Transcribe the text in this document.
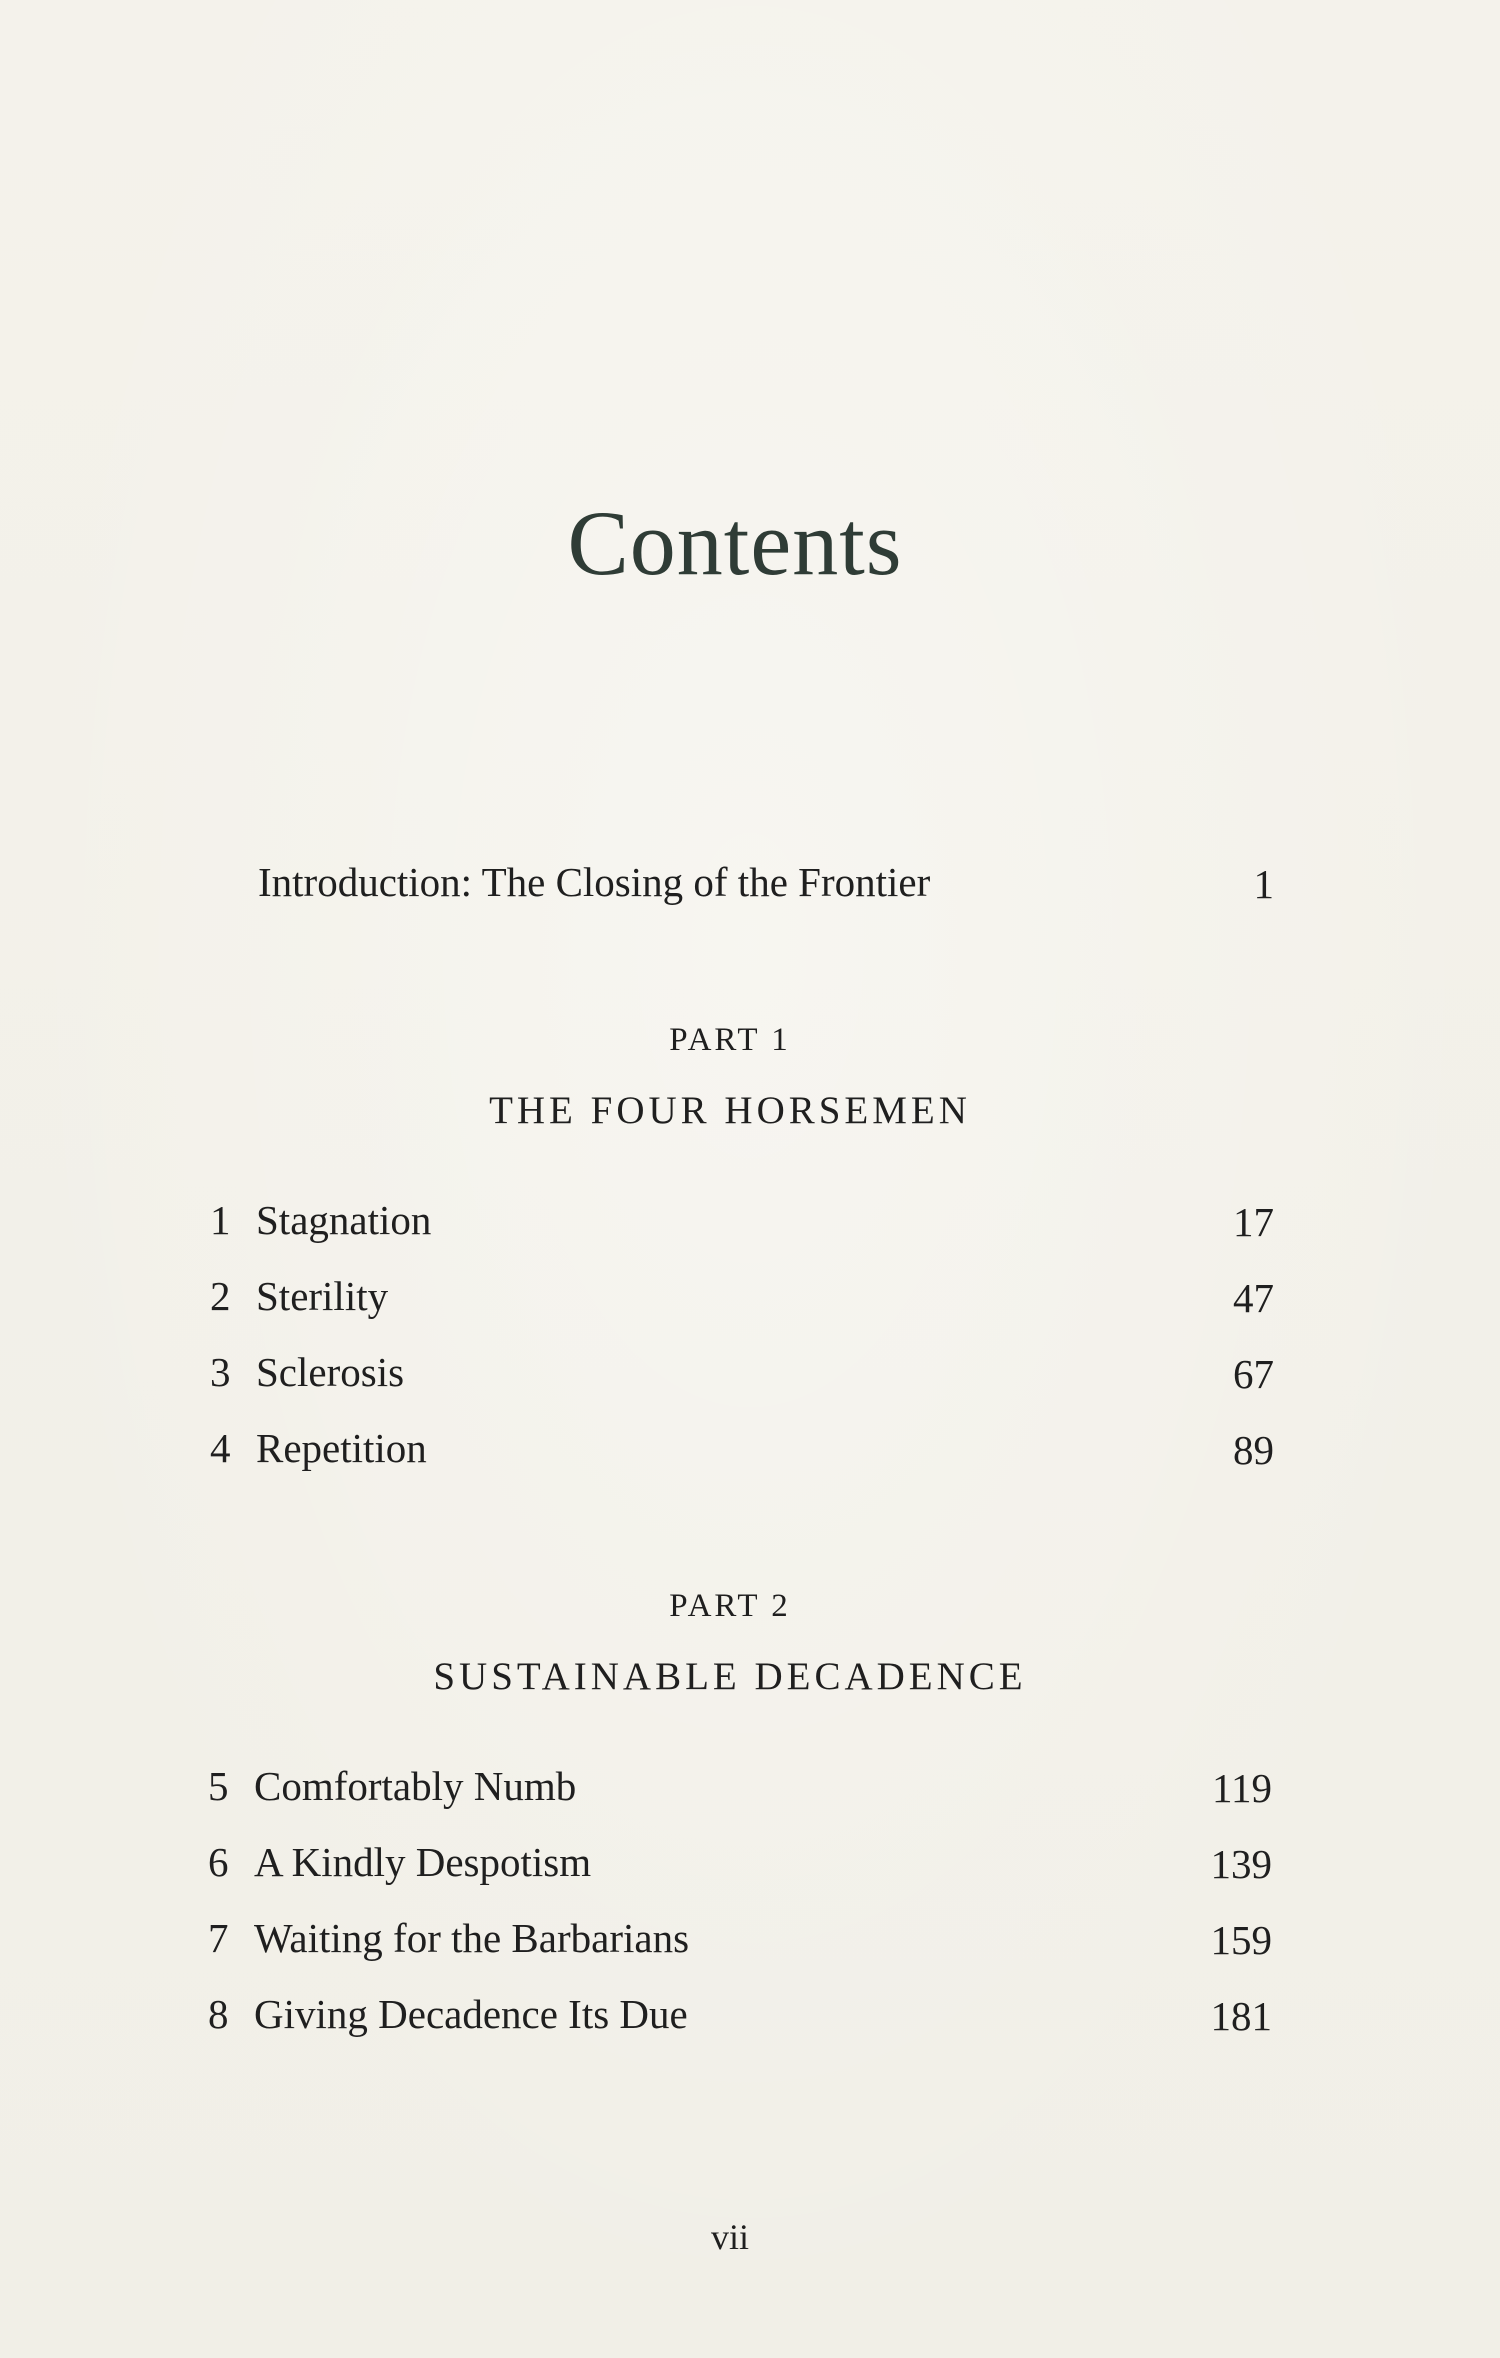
Contents
Introduction: The Closing of the Frontier	1
PART 1
THE FOUR HORSEMEN
1 Stagnation	17
2 Sterility	47
3 Sclerosis	67
4 Repetition	89
PART 2
SUSTAINABLE DECADENCE
5 Comfortably Numb	119
6 A Kindly Despotism	139
7 Waiting for the Barbarians	159
8 Giving Decadence Its Due	181
vii
